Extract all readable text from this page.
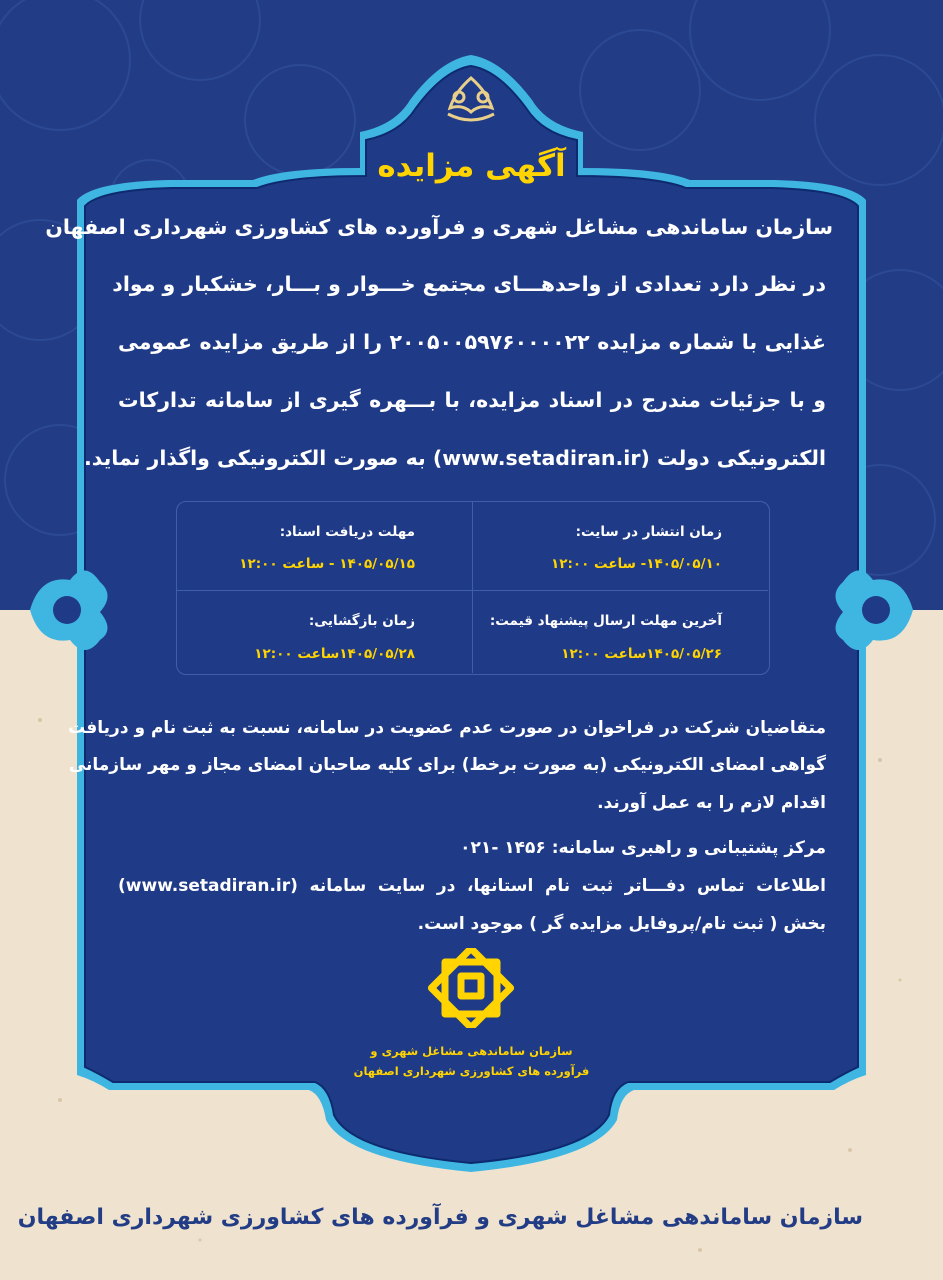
آگهی مزایده
سازمان ساماندهی مشاغل شهری و فرآورده های کشاورزی شهرداری اصفهان
در نظر دارد تعدادی از واحدهـــای مجتمع خـــوار و بـــار، خشکبار و مواد
غذایی با شماره مزایده ۲۰۰۵۰۰۵۹۷۶۰۰۰۰۲۲ را از طریق مزایده عمومی
و با جزئیات مندرج در اسناد مزایده، با بـــهره گیری از سامانه تدارکات
الکترونیکی دولت (www.setadiran.ir) به صورت الکترونیکی واگذار نماید.
زمان انتشار در سایت:
۱۴۰۵/۰۵/۱۰- ساعت ۱۲:۰۰
مهلت دریافت اسناد:
۱۴۰۵/۰۵/۱۵ - ساعت ۱۲:۰۰
آخرین مهلت ارسال پیشنهاد قیمت:
۱۴۰۵/۰۵/۲۶ساعت ۱۲:۰۰
زمان بازگشایی:
۱۴۰۵/۰۵/۲۸ساعت ۱۲:۰۰
متقاضیان شرکت در فراخوان در صورت عدم عضویت در سامانه، نسبت به ثبت نام و دریافت
گواهی امضای الکترونیکی (به صورت برخط) برای کلیه صاحبان امضای مجاز و مهر سازمانی
اقدام لازم را به عمل آورند.
مرکز پشتیبانی و راهبری سامانه: ۱۴۵۶ -۰۲۱
اطلاعات تماس دفـــاتر ثبت نام استانها، در سایت سامانه (www.setadiran.ir)
بخش ( ثبت نام/پروفایل مزایده گر ) موجود است.
سازمان ساماندهی مشاغل شهری و
فرآورده های کشاورزی شهرداری اصفهان
سازمان ساماندهی مشاغل شهری و فرآورده های کشاورزی شهرداری اصفهان
